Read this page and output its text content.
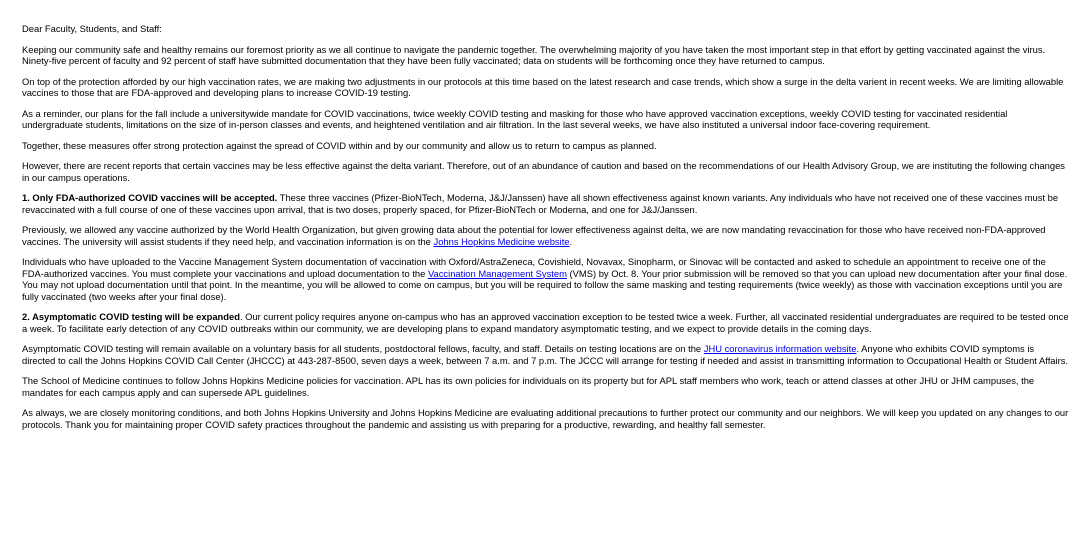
Dear Faculty, Students, and Staff:

Keeping our community safe and healthy remains our foremost priority as we all continue to navigate the pandemic together. The overwhelming majority of you have taken the most important step in that effort by getting vaccinated against the virus. Ninety-five percent of faculty and 92 percent of staff have submitted documentation that they have been fully vaccinated; data on students will be forthcoming once they have returned to campus.

On top of the protection afforded by our high vaccination rates, we are making two adjustments in our protocols at this time based on the latest research and case trends, which show a surge in the delta varient in recent weeks. We are limiting allowable vaccines to those that are FDA-approved and developing plans to increase COVID-19 testing.

As a reminder, our plans for the fall include a universitywide mandate for COVID vaccinations, twice weekly COVID testing and masking for those who have approved vaccination exceptions, weekly COVID testing for vaccinated residential undergraduate students, limitations on the size of in-person classes and events, and heightened ventilation and air filtration. In the last several weeks, we have also instituted a universal indoor face-covering requirement.

Together, these measures offer strong protection against the spread of COVID within and by our community and allow us to return to campus as planned.

However, there are recent reports that certain vaccines may be less effective against the delta variant. Therefore, out of an abundance of caution and based on the recommendations of our Health Advisory Group, we are instituting the following changes in our campus operations.

1. Only FDA-authorized COVID vaccines will be accepted. These three vaccines (Pfizer-BioNTech, Moderna, J&J/Janssen) have all shown effectiveness against known variants. Any individuals who have not received one of these vaccines must be revaccinated with a full course of one of these vaccines upon arrival, that is two doses, properly spaced, for Pfizer-BioNTech or Moderna, and one for J&J/Janssen.

Previously, we allowed any vaccine authorized by the World Health Organization, but given growing data about the potential for lower effectiveness against delta, we are now mandating revaccination for those who have received non-FDA-approved vaccines. The university will assist students if they need help, and vaccination information is on the Johns Hopkins Medicine website.

Individuals who have uploaded to the Vaccine Management System documentation of vaccination with Oxford/AstraZeneca, Covishield, Novavax, Sinopharm, or Sinovac will be contacted and asked to schedule an appointment to receive one of the FDA-authorized vaccines. You must complete your vaccinations and upload documentation to the Vaccination Management System (VMS) by Oct. 8. Your prior submission will be removed so that you can upload new documentation after your final dose. You may not upload documentation until that point. In the meantime, you will be allowed to come on campus, but you will be required to follow the same masking and testing requirements (twice weekly) as those with vaccination exceptions until you are fully vaccinated (two weeks after your final dose).

2. Asymptomatic COVID testing will be expanded. Our current policy requires anyone on-campus who has an approved vaccination exception to be tested twice a week. Further, all vaccinated residential undergraduates are required to be tested once a week. To facilitate early detection of any COVID outbreaks within our community, we are developing plans to expand mandatory asymptomatic testing, and we expect to provide details in the coming days.

Asymptomatic COVID testing will remain available on a voluntary basis for all students, postdoctoral fellows, faculty, and staff. Details on testing locations are on the JHU coronavirus information website. Anyone who exhibits COVID symptoms is directed to call the Johns Hopkins COVID Call Center (JHCCC) at 443-287-8500, seven days a week, between 7 a.m. and 7 p.m. The JCCC will arrange for testing if needed and assist in transmitting information to Occupational Health or Student Affairs.

The School of Medicine continues to follow Johns Hopkins Medicine policies for vaccination. APL has its own policies for individuals on its property but for APL staff members who work, teach or attend classes at other JHU or JHM campuses, the mandates for each campus apply and can supersede APL guidelines.

As always, we are closely monitoring conditions, and both Johns Hopkins University and Johns Hopkins Medicine are evaluating additional precautions to further protect our community and our neighbors. We will keep you updated on any changes to our protocols. Thank you for maintaining proper COVID safety practices throughout the pandemic and assisting us with preparing for a productive, rewarding, and healthy fall semester.
